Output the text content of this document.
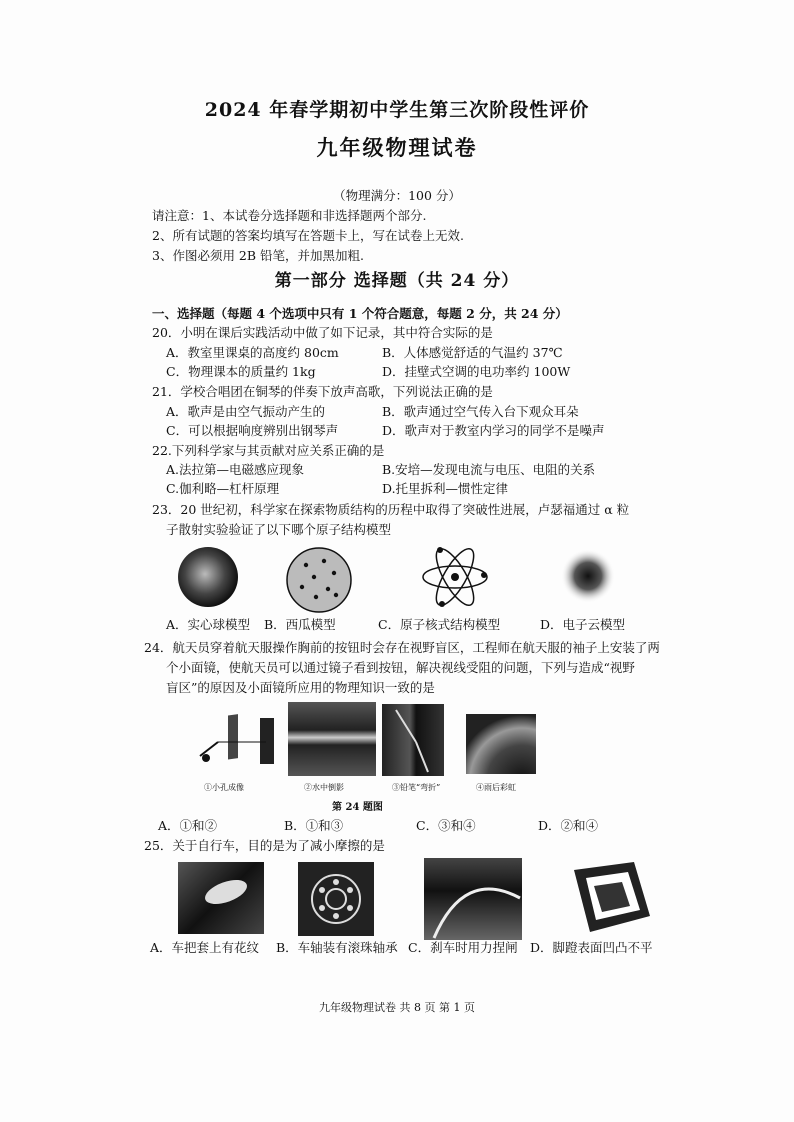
2024 年春学期初中学生第三次阶段性评价
九年级物理试卷
（物理满分：100 分）
请注意：1、本试卷分选择题和非选择题两个部分.
2、所有试题的答案均填写在答题卡上，写在试卷上无效.
3、作图必须用 2B 铅笔，并加黑加粗.
第一部分 选择题（共 24 分）
一、选择题（每题 4 个选项中只有 1 个符合题意，每题 2 分，共 24 分）
20．小明在课后实践活动中做了如下记录，其中符合实际的是
A．教室里课桌的高度约 80cm	B．人体感觉舒适的气温约 37℃
C．物理课本的质量约 1kg	D．挂壁式空调的电功率约 100W
21．学校合唱团在铜琴的伴奏下放声高歌，下列说法正确的是
A．歌声是由空气振动产生的	B．歌声通过空气传入台下观众耳朵
C．可以根据响度辨别出钢琴声	D．歌声对于教室内学习的同学不是噪声
22.下列科学家与其贡献对应关系正确的是
A.法拉第—电磁感应现象	B.安培—发现电流与电压、电阻的关系
C.伽利略—杠杆原理	D.托里拆利—惯性定律
23．20 世纪初，科学家在探索物质结构的历程中取得了突破性进展，卢瑟福通过 α 粒
子散射实验验证了以下哪个原子结构模型
A．实心球模型 B．西瓜模型	C．原子核式结构模型	D．电子云模型
24．航天员穿着航天服操作胸前的按钮时会存在视野盲区，工程师在航天服的袖子上安装了两
个小面镜，使航天员可以通过镜子看到按钮，解决视线受阻的问题，下列与造成“视野
盲区”的原因及小面镜所应用的物理知识一致的是
①小孔成像	②水中倒影	③铅笔“弯折”	④雨后彩虹
第 24 题图
A．①和②	B．①和③	C．③和④	D．②和④
25．关于自行车，目的是为了减小摩擦的是
A．车把套上有花纹 B．车轴装有滚珠轴承 C．刹车时用力捏闸 D．脚蹬表面凹凸不平
九年级物理试卷 共 8 页 第 1 页
